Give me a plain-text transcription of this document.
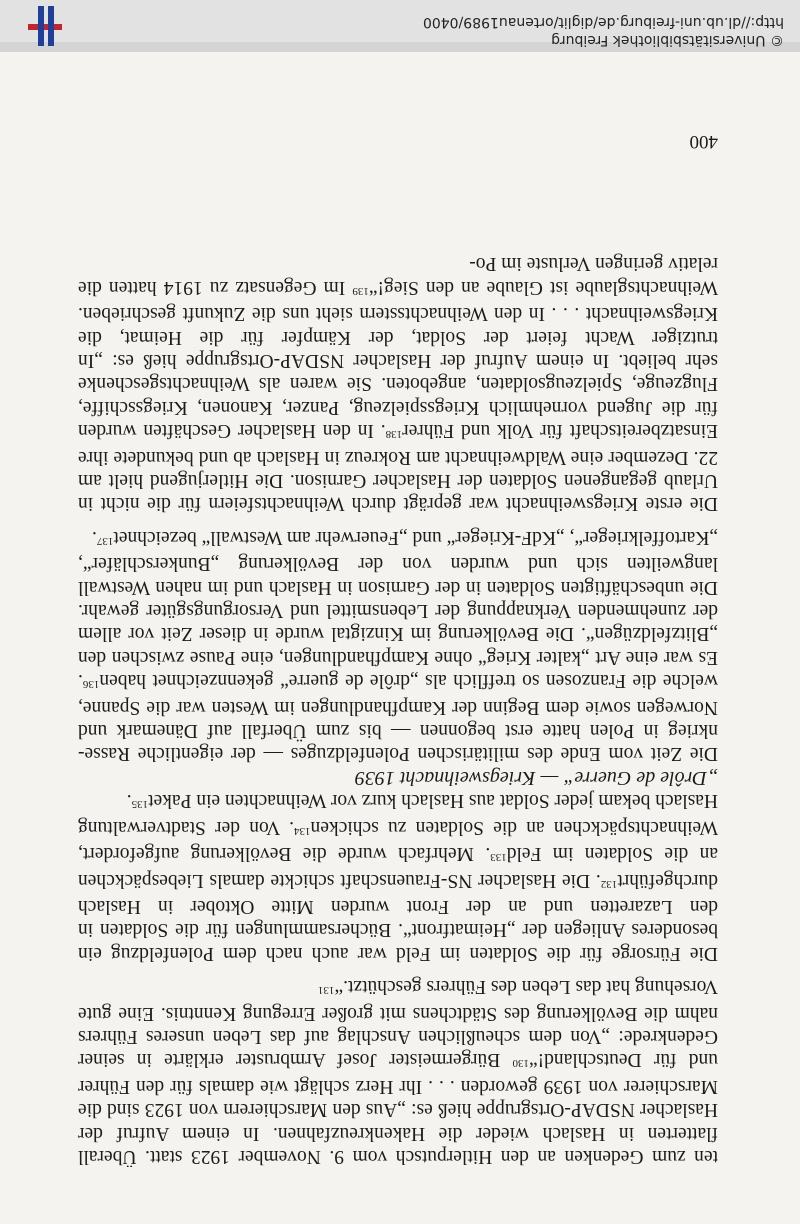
ten zum Gedenken an den Hitlerputsch vom 9. November 1923 statt. Überall flatterten in Haslach wieder die Hakenkreuzfahnen. In einem Aufruf der Haslacher NSDAP-Ortsgruppe hieß es: „Aus den Marschierern von 1923 sind die Marschierer von 1939 geworden . . . Ihr Herz schlägt wie damals für den Führer und für Deutschland!“$^{130}$ Bürgermeister Josef Armbruster erklärte in seiner Gedenkrede: „Von dem scheußlichen Anschlag auf das Leben unseres Führers nahm die Bevölkerung des Städtchens mit großer Erregung Kenntnis. Eine gute Vorsehung hat das Leben des Führers geschützt.“$^{131}$

Die Fürsorge für die Soldaten im Feld war auch nach dem Polenfeldzug ein besonderes Anliegen der „Heimatfront“. Büchersammlungen für die Soldaten in den Lazaretten und an der Front wurden Mitte Oktober in Haslach durchgeführt$^{132}$. Die Haslacher NS-Frauenschaft schickte damals Liebespäckchen an die Soldaten im Feld$^{133}$. Mehrfach wurde die Bevölkerung aufgefordert, Weihnachtspäckchen an die Soldaten zu schicken$^{134}$. Von der Stadtverwaltung Haslach bekam jeder Soldat aus Haslach kurz vor Weihnachten ein Paket$^{135}$.

„Drôle de Guerre“ — Kriegsweihnacht 1939

Die Zeit vom Ende des militärischen Polenfeldzuges — der eigentliche Rassenkrieg in Polen hatte erst begonnen — bis zum Überfall auf Dänemark und Norwegen sowie dem Beginn der Kampfhandlungen im Westen war die Spanne, welche die Franzosen so trefflich als „drôle de guerre“ gekennzeichnet haben$^{136}$. Es war eine Art „kalter Krieg“ ohne Kampfhandlungen, eine Pause zwischen den „Blitzfeldzügen“. Die Bevölkerung im Kinzigtal wurde in dieser Zeit vor allem der zunehmenden Verknappung der Lebensmittel und Versorgungsgüter gewahr. Die unbeschäftigten Soldaten in der Garnison in Haslach und im nahen Westwall langweilten sich und wurden von der Bevölkerung „Bunkerschläfer“, „Kartoffelkrieger“, „KdF-Krieger“ und „Feuerwehr am Westwall“ bezeichnet$^{137}$.

Die erste Kriegsweihnacht war geprägt durch Weihnachtsfeiern für die nicht in Urlaub gegangenen Soldaten der Haslacher Garnison. Die Hitlerjugend hielt am 22. Dezember eine Waldweihnacht am Rokreuz in Haslach ab und bekundete ihre Einsatzbereitschaft für Volk und Führer$^{138}$. In den Haslacher Geschäften wurden für die Jugend vornehmlich Kriegsspielzeug, Panzer, Kanonen, Kriegsschiffe, Flugzeuge, Spielzeugsoldaten, angeboten. Sie waren als Weihnachtsgeschenke sehr beliebt. In einem Aufruf der Haslacher NSDAP-Ortsgruppe hieß es: „In trutziger Wacht feiert der Soldat, der Kämpfer für die Heimat, die Kriegsweihnacht . . . In den Weihnachtsstern sieht uns die Zukunft geschrieben. Weihnachtsglaube ist Glaube an den Sieg!“$^{139}$ Im Gegensatz zu 1914 hatten die relativ geringen Verluste im Po-

400
© Universitätsbibliothek Freiburg
http://dl.ub.uni-freiburg.de/diglit/ortenau1989/0400
